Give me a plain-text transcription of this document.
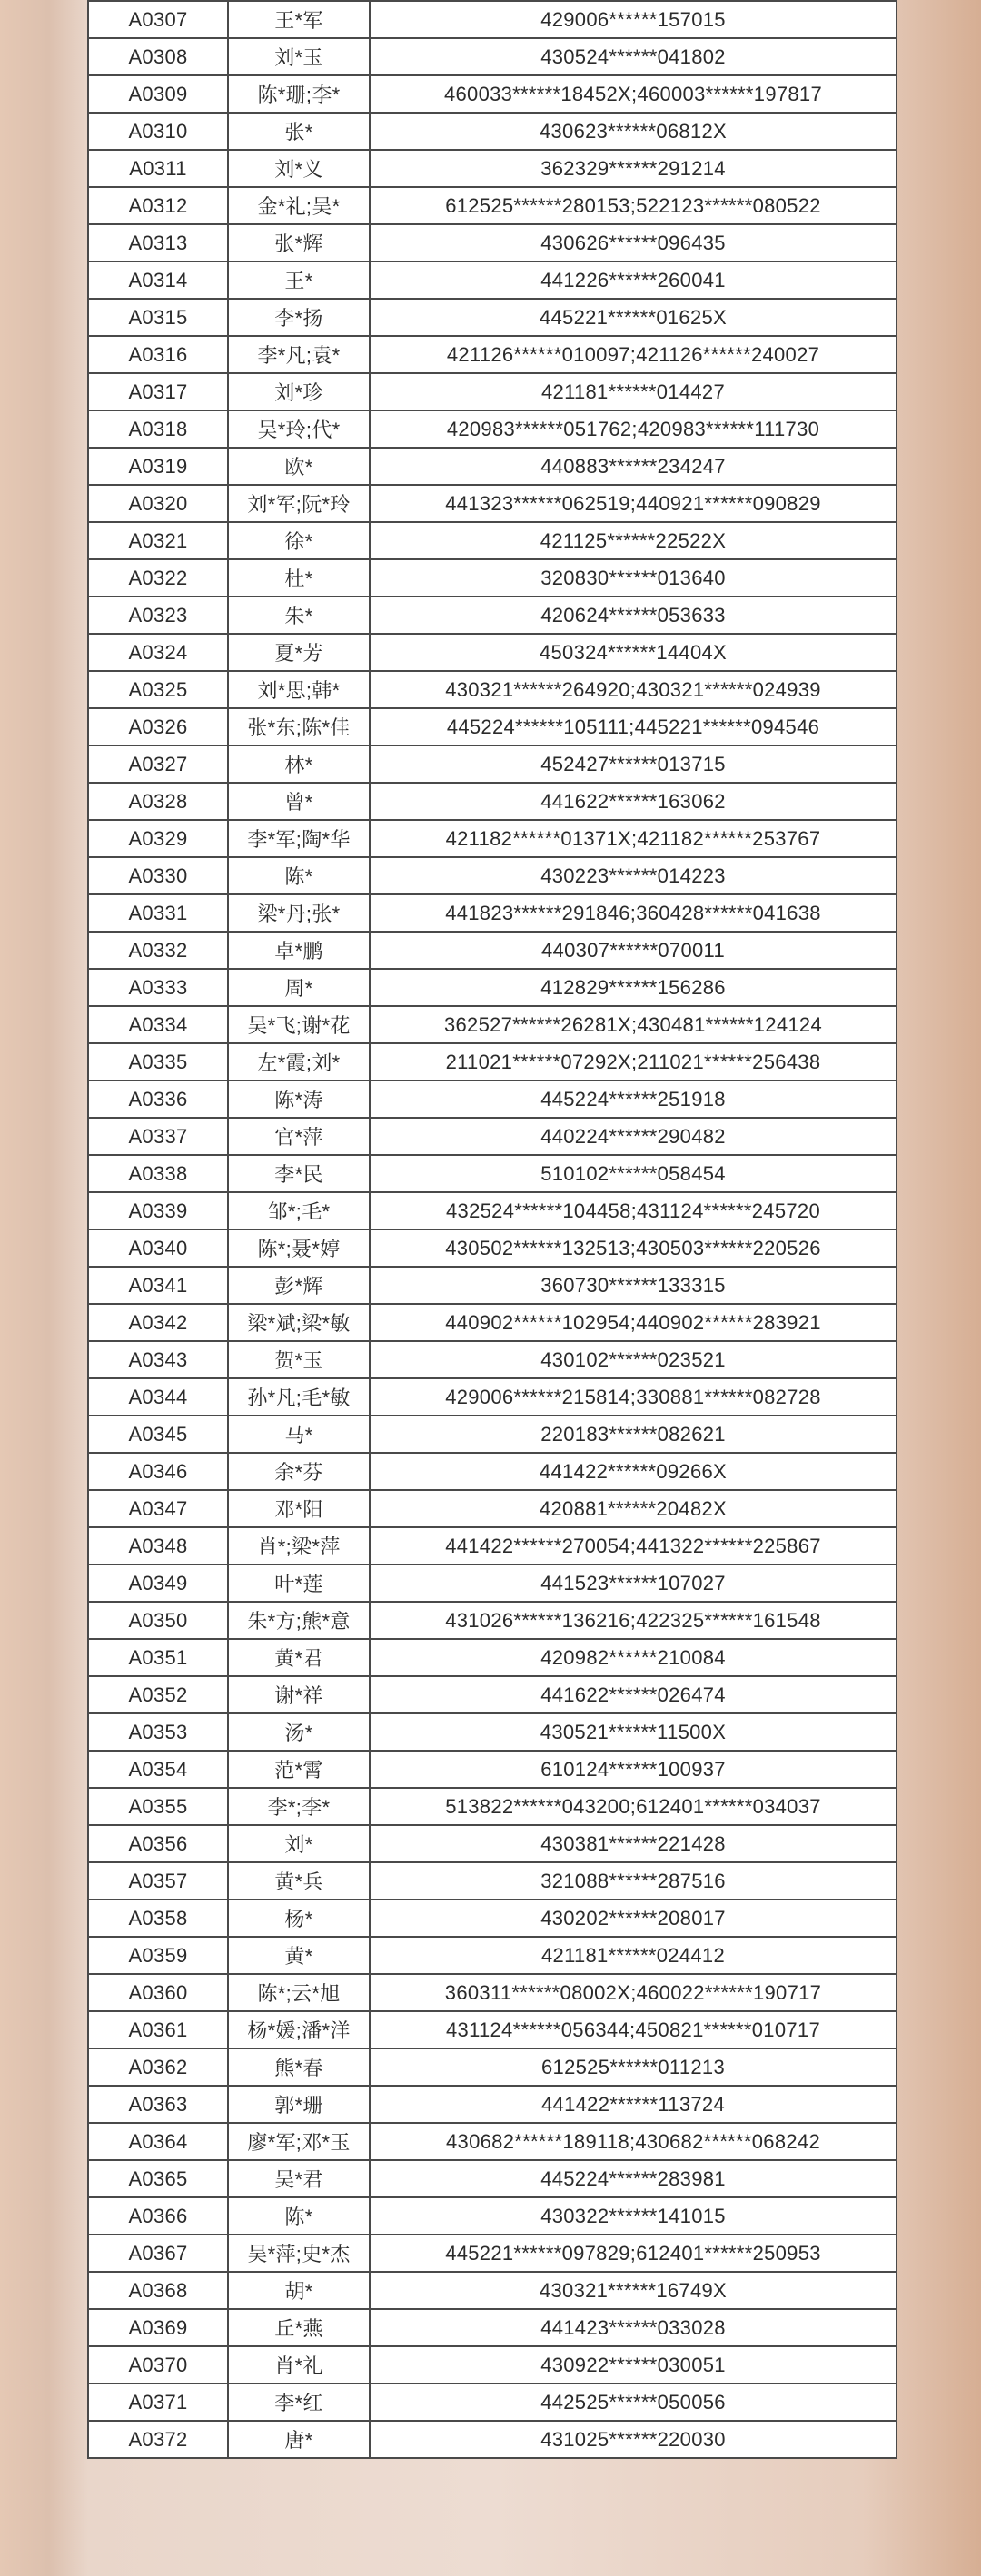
A0307	王*军	429006******157015
A0308	刘*玉	430524******041802
A0309	陈*珊;李*	460033******18452X;460003******197817
A0310	张*	430623******06812X
A0311	刘*义	362329******291214
A0312	金*礼;吴*	612525******280153;522123******080522
A0313	张*辉	430626******096435
A0314	王*	441226******260041
A0315	李*扬	445221******01625X
A0316	李*凡;袁*	421126******010097;421126******240027
A0317	刘*珍	421181******014427
A0318	吴*玲;代*	420983******051762;420983******111730
A0319	欧*	440883******234247
A0320	刘*军;阮*玲	441323******062519;440921******090829
A0321	徐*	421125******22522X
A0322	杜*	320830******013640
A0323	朱*	420624******053633
A0324	夏*芳	450324******14404X
A0325	刘*思;韩*	430321******264920;430321******024939
A0326	张*东;陈*佳	445224******105111;445221******094546
A0327	林*	452427******013715
A0328	曾*	441622******163062
A0329	李*军;陶*华	421182******01371X;421182******253767
A0330	陈*	430223******014223
A0331	梁*丹;张*	441823******291846;360428******041638
A0332	卓*鹏	440307******070011
A0333	周*	412829******156286
A0334	吴*飞;谢*花	362527******26281X;430481******124124
A0335	左*霞;刘*	211021******07292X;211021******256438
A0336	陈*涛	445224******251918
A0337	官*萍	440224******290482
A0338	李*民	510102******058454
A0339	邹*;毛*	432524******104458;431124******245720
A0340	陈*;聂*婷	430502******132513;430503******220526
A0341	彭*辉	360730******133315
A0342	梁*斌;梁*敏	440902******102954;440902******283921
A0343	贺*玉	430102******023521
A0344	孙*凡;毛*敏	429006******215814;330881******082728
A0345	马*	220183******082621
A0346	余*芬	441422******09266X
A0347	邓*阳	420881******20482X
A0348	肖*;梁*萍	441422******270054;441322******225867
A0349	叶*莲	441523******107027
A0350	朱*方;熊*意	431026******136216;422325******161548
A0351	黄*君	420982******210084
A0352	谢*祥	441622******026474
A0353	汤*	430521******11500X
A0354	范*霄	610124******100937
A0355	李*;李*	513822******043200;612401******034037
A0356	刘*	430381******221428
A0357	黄*兵	321088******287516
A0358	杨*	430202******208017
A0359	黄*	421181******024412
A0360	陈*;云*旭	360311******08002X;460022******190717
A0361	杨*媛;潘*洋	431124******056344;450821******010717
A0362	熊*春	612525******011213
A0363	郭*珊	441422******113724
A0364	廖*军;邓*玉	430682******189118;430682******068242
A0365	吴*君	445224******283981
A0366	陈*	430322******141015
A0367	吴*萍;史*杰	445221******097829;612401******250953
A0368	胡*	430321******16749X
A0369	丘*燕	441423******033028
A0370	肖*礼	430922******030051
A0371	李*红	442525******050056
A0372	唐*	431025******220030
